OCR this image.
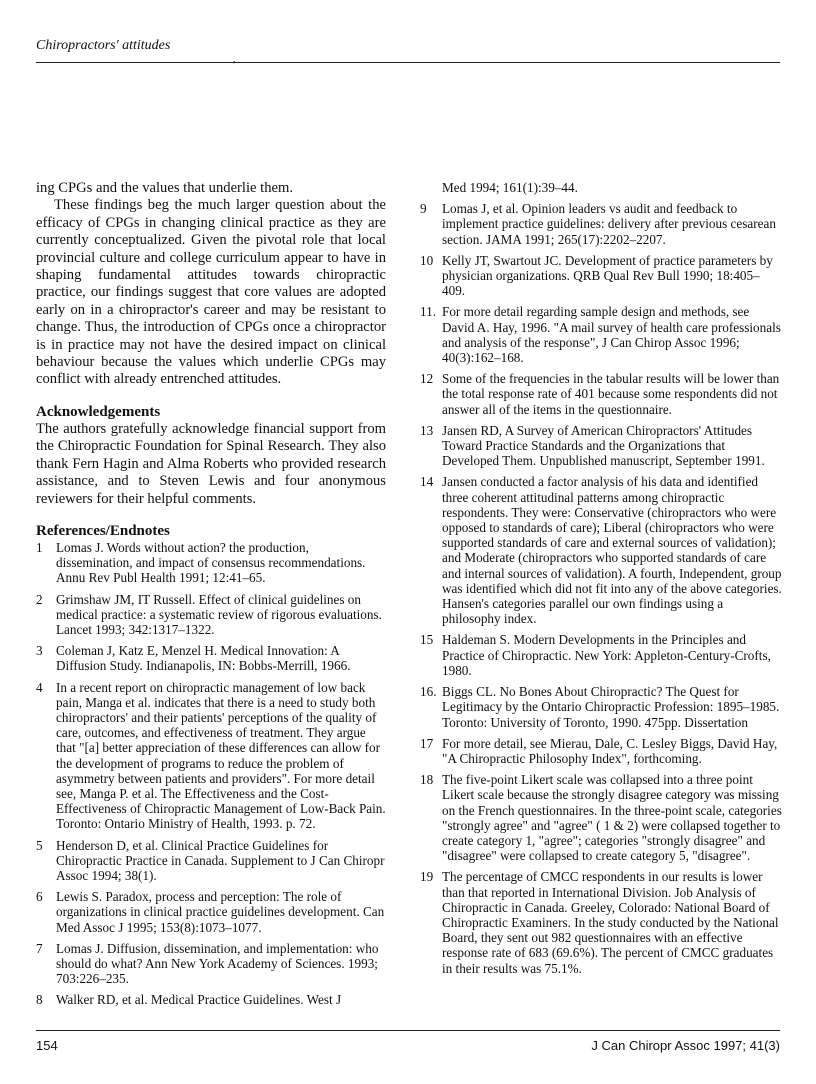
Chiropractors' attitudes
,

ing CPGs and the values that underlie them.

These findings beg the much larger question about the efficacy of CPGs in changing clinical practice as they are currently conceptualized. Given the pivotal role that local provincial culture and college curriculum appear to have in shaping fundamental attitudes towards chiropractic practice, our findings suggest that core values are adopted early on in a chiropractor's career and may be resistant to change. Thus, the introduction of CPGs once a chiropractor is in practice may not have the desired impact on clinical behaviour because the values which underlie CPGs may conflict with already entrenched attitudes.

Acknowledgements

The authors gratefully acknowledge financial support from the Chiropractic Foundation for Spinal Research. They also thank Fern Hagin and Alma Roberts who provided research assistance, and to Steven Lewis and four anonymous reviewers for their helpful comments.

References/Endnotes
1	Lomas J. Words without action? the production, dissemination, and impact of consensus recommendations. Annu Rev Publ Health 1991; 12:41–65.
2	Grimshaw JM, IT Russell. Effect of clinical guidelines on medical practice: a systematic review of rigorous evaluations. Lancet 1993; 342:1317–1322.
3	Coleman J, Katz E, Menzel H. Medical Innovation: A Diffusion Study. Indianapolis, IN: Bobbs-Merrill, 1966.
4	In a recent report on chiropractic management of low back pain, Manga et al. indicates that there is a need to study both chiropractors' and their patients' perceptions of the quality of care, outcomes, and effectiveness of treatment. They argue that "[a] better appreciation of these differences can allow for the development of programs to reduce the problem of asymmetry between patients and providers". For more detail see, Manga P. et al. The Effectiveness and the Cost-Effectiveness of Chiropractic Management of Low-Back Pain. Toronto: Ontario Ministry of Health, 1993. p. 72.
5	Henderson D, et al. Clinical Practice Guidelines for Chiropractic Practice in Canada. Supplement to J Can Chiropr Assoc 1994; 38(1).
6	Lewis S. Paradox, process and perception: The role of organizations in clinical practice guidelines development. Can Med Assoc J 1995; 153(8):1073–1077.
7	Lomas J. Diffusion, dissemination, and implementation: who should do what? Ann New York Academy of Sciences. 1993; 703:226–235.
8	Walker RD, et al. Medical Practice Guidelines. West J
Med 1994; 161(1):39–44.
9	Lomas J, et al. Opinion leaders vs audit and feedback to implement practice guidelines: delivery after previous cesarean section. JAMA 1991; 265(17):2202–2207.
10 Kelly JT, Swartout JC. Development of practice parameters by physician organizations. QRB Qual Rev Bull 1990; 18:405–409.
11. For more detail regarding sample design and methods, see David A. Hay, 1996. "A mail survey of health care professionals and analysis of the response", J Can Chirop Assoc 1996; 40(3):162–168.
12 Some of the frequencies in the tabular results will be lower than the total response rate of 401 because some respondents did not answer all of the items in the questionnaire.
13 Jansen RD, A Survey of American Chiropractors' Attitudes Toward Practice Standards and the Organizations that Developed Them. Unpublished manuscript, September 1991.
14 Jansen conducted a factor analysis of his data and identified three coherent attitudinal patterns among chiropractic respondents. They were: Conservative (chiropractors who were opposed to standards of care); Liberal (chiropractors who were supported standards of care and external sources of validation); and Moderate (chiropractors who supported standards of care and internal sources of validation). A fourth, Independent, group was identified which did not fit into any of the above categories. Hansen's categories parallel our own findings using a philosophy index.
15 Haldeman S. Modern Developments in the Principles and Practice of Chiropractic. New York: Appleton-Century-Crofts, 1980.
16. Biggs CL. No Bones About Chiropractic? The Quest for Legitimacy by the Ontario Chiropractic Profession: 1895–1985. Toronto: University of Toronto, 1990. 475pp. Dissertation
17 For more detail, see Mierau, Dale, C. Lesley Biggs, David Hay, "A Chiropractic Philosophy Index", forthcoming.
18 The five-point Likert scale was collapsed into a three point Likert scale because the strongly disagree category was missing on the French questionnaires. In the three-point scale, categories "strongly agree" and "agree" ( 1 & 2) were collapsed together to create category 1, "agree"; categories "strongly disagree" and "disagree" were collapsed to create category 5, "disagree".
19 The percentage of CMCC respondents in our results is lower than that reported in International Division. Job Analysis of Chiropractic in Canada. Greeley, Colorado: National Board of Chiropractic Examiners. In the study conducted by the National Board, they sent out 982 questionnaires with an effective response rate of 683 (69.6%). The percent of CMCC graduates in their results was 75.1%.
154	J Can Chiropr Assoc 1997; 41(3)
